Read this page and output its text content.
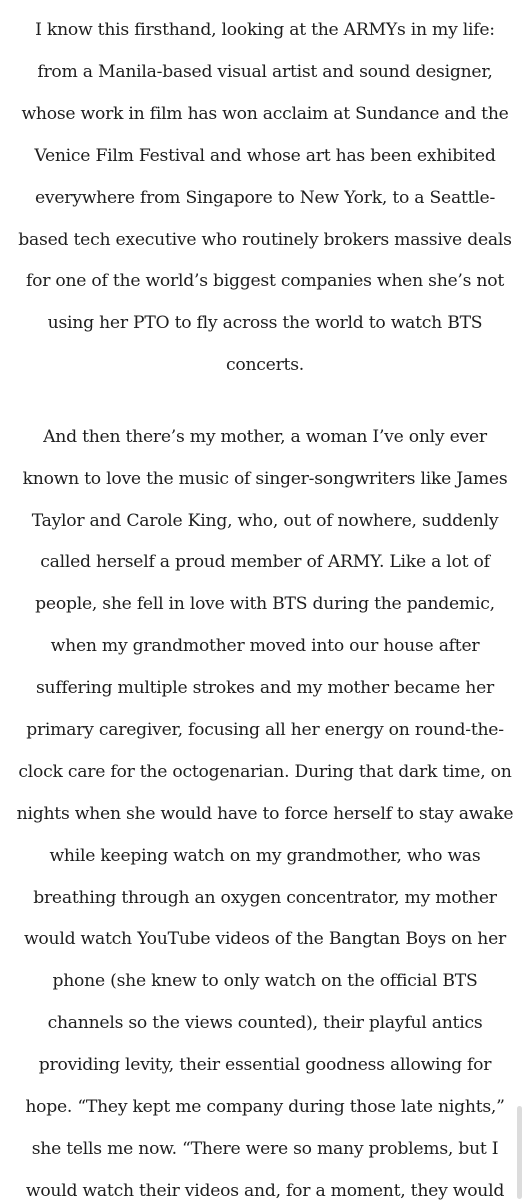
I know this firsthand, looking at the ARMYs in my life:
from a Manila-based visual artist and sound designer,
whose work in film has won acclaim at Sundance and the
Venice Film Festival and whose art has been exhibited
everywhere from Singapore to New York, to a Seattle-
based tech executive who routinely brokers massive deals
for one of the world’s biggest companies when she’s not
using her PTO to fly across the world to watch BTS
concerts.
And then there’s my mother, a woman I’ve only ever
known to love the music of singer-songwriters like James
Taylor and Carole King, who, out of nowhere, suddenly
called herself a proud member of ARMY. Like a lot of
people, she fell in love with BTS during the pandemic,
when my grandmother moved into our house after
suffering multiple strokes and my mother became her
primary caregiver, focusing all her energy on round-the-
clock care for the octogenarian. During that dark time, on
nights when she would have to force herself to stay awake
while keeping watch on my grandmother, who was
breathing through an oxygen concentrator, my mother
would watch YouTube videos of the Bangtan Boys on her
phone (she knew to only watch on the official BTS
channels so the views counted), their playful antics
providing levity, their essential goodness allowing for
hope. “They kept me company during those late nights,”
she tells me now. “There were so many problems, but I
would watch their videos and, for a moment, they would
